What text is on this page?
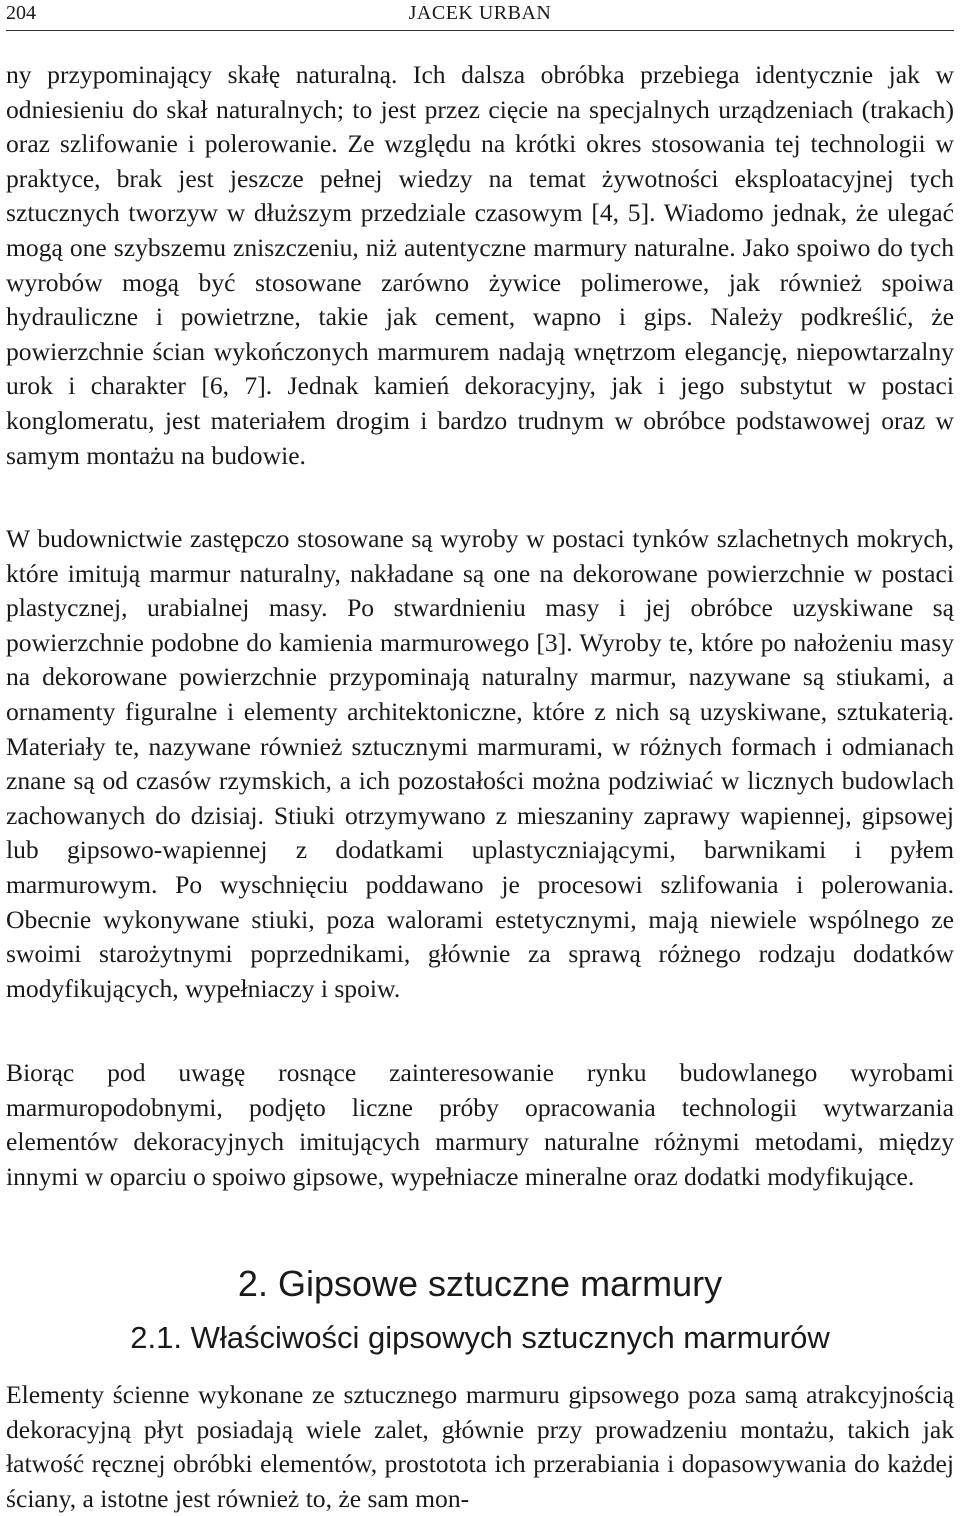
204	JACEK URBAN

ny przypominający skałę naturalną. Ich dalsza obróbka przebiega identycznie jak w odniesieniu do skał naturalnych; to jest przez cięcie na specjalnych urządzeniach (trakach) oraz szlifowanie i polerowanie. Ze względu na krótki okres stosowania tej technologii w praktyce, brak jest jeszcze pełnej wiedzy na temat żywotności eksploatacyjnej tych sztucznych tworzyw w dłuższym przedziale czasowym [4, 5]. Wiadomo jednak, że ulegać mogą one szybszemu zniszczeniu, niż autentyczne marmury naturalne. Jako spoiwo do tych wyrobów mogą być stosowane zarówno żywice polimerowe, jak również spoiwa hydrauliczne i powietrzne, takie jak cement, wapno i gips. Należy podkreślić, że powierzchnie ścian wykończonych marmurem nadają wnętrzom elegancję, niepowtarzalny urok i charakter [6, 7]. Jednak kamień dekoracyjny, jak i jego substytut w postaci konglomeratu, jest materiałem drogim i bardzo trudnym w obróbce podstawowej oraz w samym montażu na budowie.

W budownictwie zastępczo stosowane są wyroby w postaci tynków szlachetnych mokrych, które imitują marmur naturalny, nakładane są one na dekorowane powierzchnie w postaci plastycznej, urabialnej masy. Po stwardnieniu masy i jej obróbce uzyskiwane są powierzchnie podobne do kamienia marmurowego [3]. Wyroby te, które po nałożeniu masy na dekorowane powierzchnie przypominają naturalny marmur, nazywane są stiukami, a ornamenty figuralne i elementy architektoniczne, które z nich są uzyskiwane, sztukaterią. Materiały te, nazywane również sztucznymi marmurami, w różnych formach i odmianach znane są od czasów rzymskich, a ich pozostałości można podziwiać w licznych budowlach zachowanych do dzisiaj. Stiuki otrzymywano z mieszaniny zaprawy wapiennej, gipsowej lub gipsowo-wapiennej z dodatkami uplastyczniającymi, barwnikami i pyłem marmurowym. Po wyschnięciu poddawano je procesowi szlifowania i polerowania. Obecnie wykonywane stiuki, poza walorami estetycznymi, mają niewiele wspólnego ze swoimi starożytnymi poprzednikami, głównie za sprawą różnego rodzaju dodatków modyfikujących, wypełniaczy i spoiw.

Biorąc pod uwagę rosnące zainteresowanie rynku budowlanego wyrobami marmuropodobnymi, podjęto liczne próby opracowania technologii wytwarzania elementów dekoracyjnych imitujących marmury naturalne różnymi metodami, między innymi w oparciu o spoiwo gipsowe, wypełniacze mineralne oraz dodatki modyfikujące.

2. Gipsowe sztuczne marmury
2.1. Właściwości gipsowych sztucznych marmurów

Elementy ścienne wykonane ze sztucznego marmuru gipsowego poza samą atrakcyjnością dekoracyjną płyt posiadają wiele zalet, głównie przy prowadzeniu montażu, takich jak łatwość ręcznej obróbki elementów, prostotota ich przerabiania i dopasowywania do każdej ściany, a istotne jest również to, że sam mon-
